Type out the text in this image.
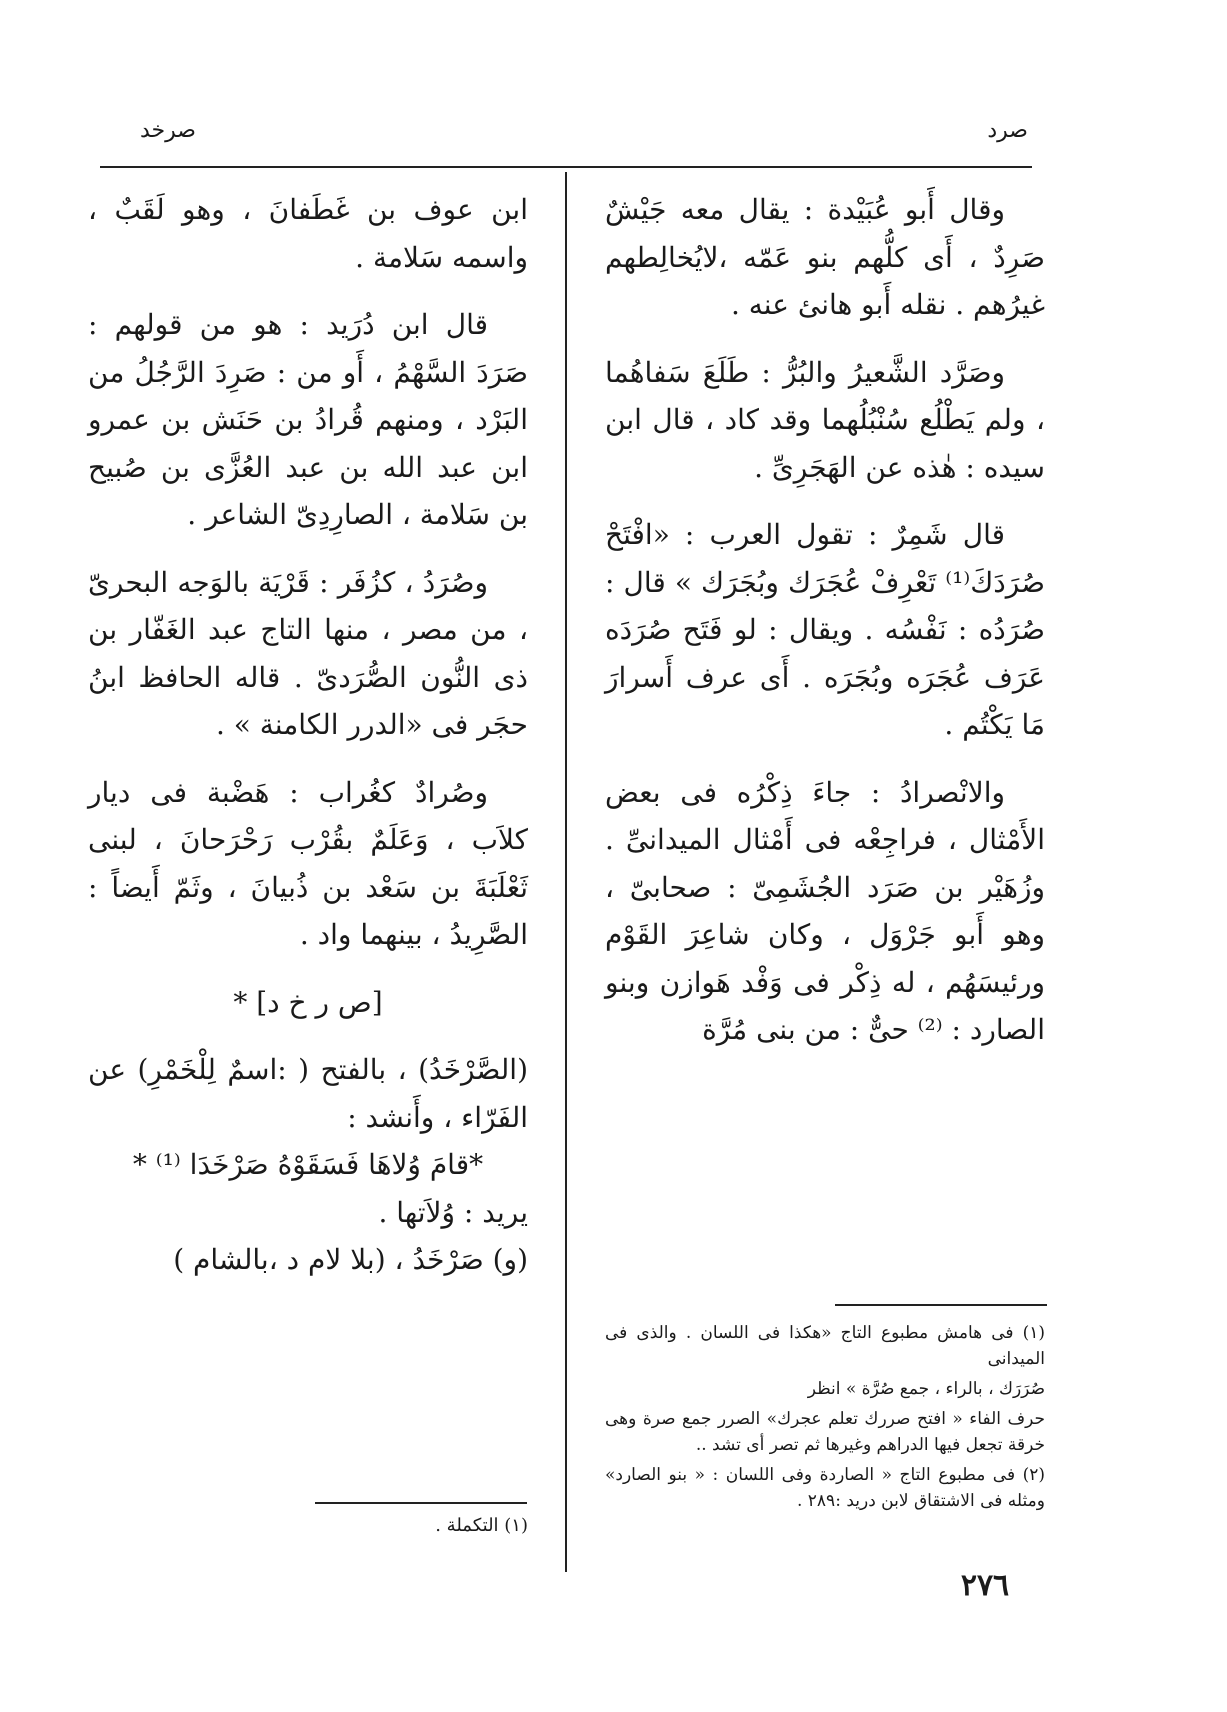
صرد
صرخد

وقال أَبو عُبَيْدة : يقال معه جَيْشٌ صَرِدٌ ، أَى كلُّهم بنو عَمّه ،لايُخالِطهم غيرُهم . نقله أَبو هانئ عنه .

وصَرَّد الشَّعيرُ والبُرُّ : طَلَعَ سَفاهُما ، ولم يَطْلُع سُنْبُلُهما وقد كاد ، قال ابن سيده : هٰذه عن الهَجَرِىِّ .

قال شَمِرٌ : تقول العرب : «افْتَحْ صُرَدَكَ⁽¹⁾ تَعْرِفْ عُجَرَك وبُجَرَك » قال : صُرَدُه : نَفْسُه . ويقال : لو فَتَح صُرَدَه عَرَف عُجَرَه وبُجَرَه . أَى عرف أَسرارَ مَا يَكْتُم .

والانْصرادُ : جاءَ ذِكْرُه فى بعض الأَمْثال ، فراجِعْه فى أَمْثال الميدانىِّ . وزُهَيْر بن صَرَد الجُشَمِىّ : صحابىّ ، وهو أَبو جَرْوَل ، وكان شاعِرَ القَوْم ورئيسَهُم ، له ذِكْر فى وَفْد هَوازن وبنو الصارد : ⁽²⁾ حىٌّ : من بنى مُرَّة

ابن عوف بن غَطَفانَ ، وهو لَقَبٌ ، واسمه سَلامة .

قال ابن دُرَيد : هو من قولهم : صَرَدَ السَّهْمُ ، أَو من : صَرِدَ الرَّجُلُ من البَرْد ، ومنهم قُرادُ بن حَنَش بن عمرو ابن عبد الله بن عبد العُزَّى بن صُبيح بن سَلامة ، الصارِدِىّ الشاعر .

وصُرَدُ ، كزُفَر : قَرْيَة بالوَجه البحرىّ ، من مصر ، منها التاج عبد الغَفّار بن ذى النُّون الصُّرَدىّ . قاله الحافظ ابنُ حجَر فى «الدرر الكامنة » .

وصُرادٌ كغُراب : هَضْبة فى ديار كلاَب ، وَعَلَمٌ بقُرْب رَحْرَحانَ ، لبنى ثَعْلَبَةَ بن سَعْد بن ذُبيانَ ، وثَمّ أَيضاً : الصَّرِيدُ ، بينهما واد .

[ص ر خ د] *

(الصَّرْخَدُ) ، بالفتح ( :اسمٌ لِلْخَمْرِ) عن الفَرّاء ، وأَنشد :

*قامَ وُلاهَا فَسَقَوْهُ صَرْخَدَا ⁽¹⁾ *

يريد : وُلاَتها .

(و) صَرْخَدُ ، (بلا لام د ،بالشام )

(١) فى هامش مطبوع التاج «هكذا فى اللسان . والذى فى الميدانى

صُرَرَك ، بالراء ، جمع صُرَّة » انظر

حرف الفاء « افتح صررك تعلم عجرك» الصرر جمع صرة وهى خرقة تجعل فيها الدراهم وغيرها ثم تصر أى تشد ..

(٢) فى مطبوع التاج « الصاردة وفى اللسان : « بنو الصارد» ومثله فى الاشتقاق لابن دريد :٢٨٩ .

(١) التكملة .

٢٧٦
